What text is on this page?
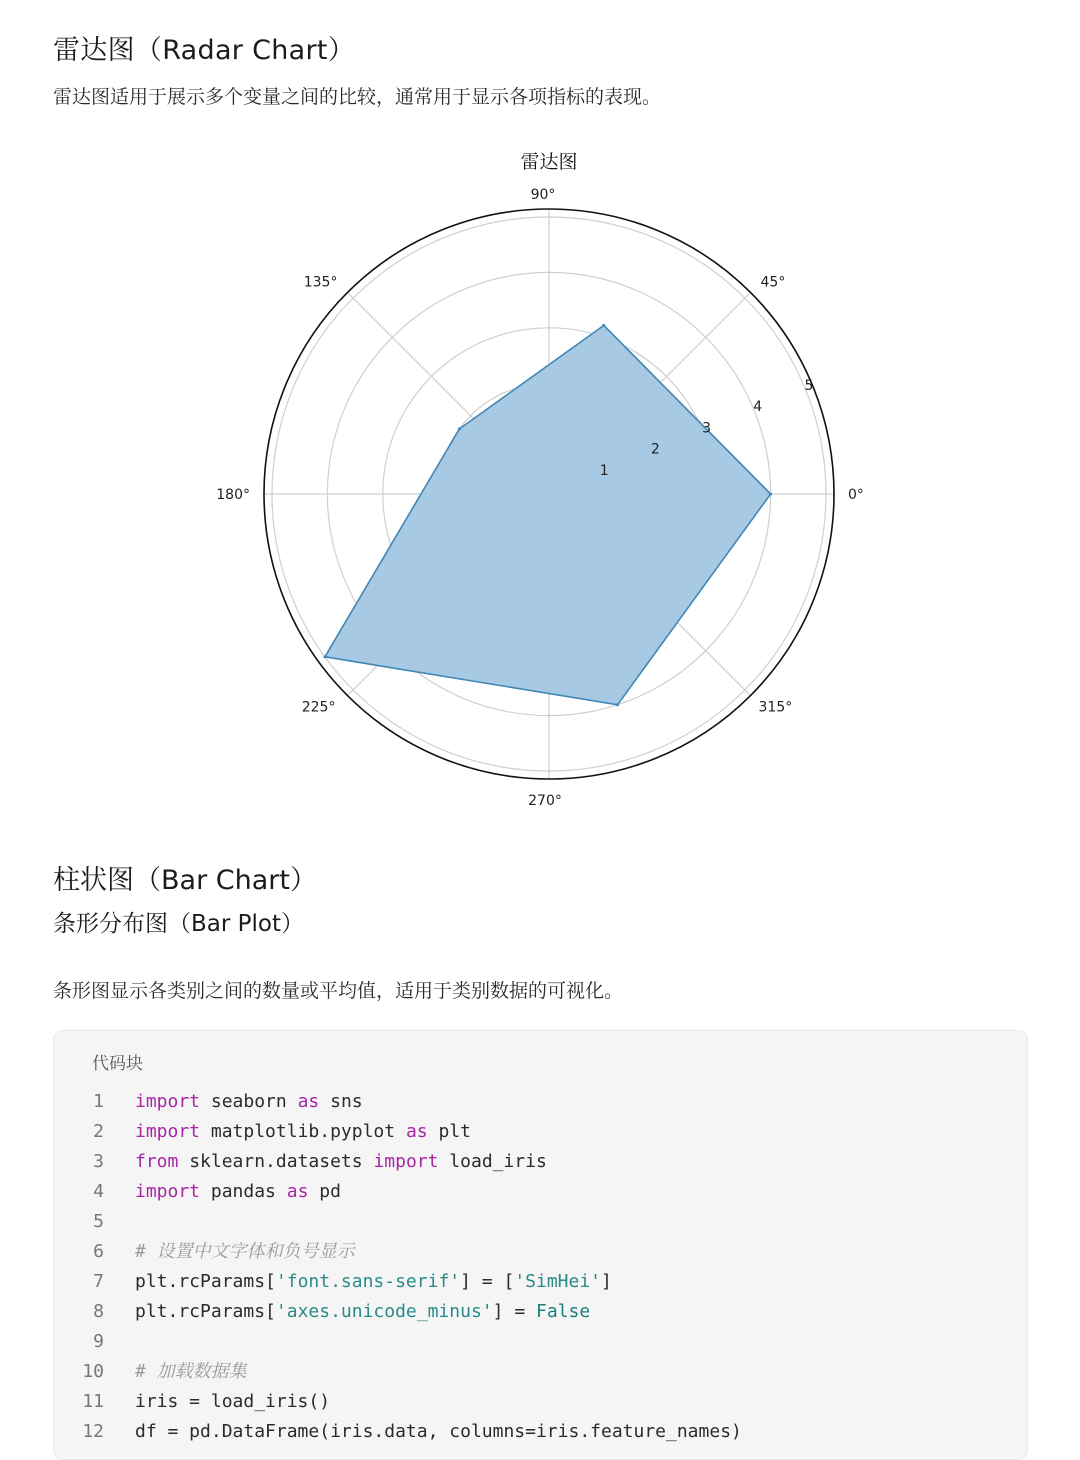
雷达图（Radar Chart）
雷达图适用于展示多个变量之间的比较，通常用于显示各项指标的表现。
1
2
3
4
5
0°
45°
90°
135°
180°
225°
270°
315°
雷达图
柱状图（Bar Chart）
条形分布图（Bar Plot）
条形图显示各类别之间的数量或平均值，适用于类别数据的可视化。
代码块
1 import seaborn as sns
2 import matplotlib.pyplot as plt
3 from sklearn.datasets import load_iris
4 import pandas as pd
5
6 # 设置中文字体和负号显示
7 plt.rcParams['font.sans-serif'] = ['SimHei']
8 plt.rcParams['axes.unicode_minus'] = False
9
10 # 加载数据集
11 iris = load_iris()
12 df = pd.DataFrame(iris.data, columns=iris.feature_names)
